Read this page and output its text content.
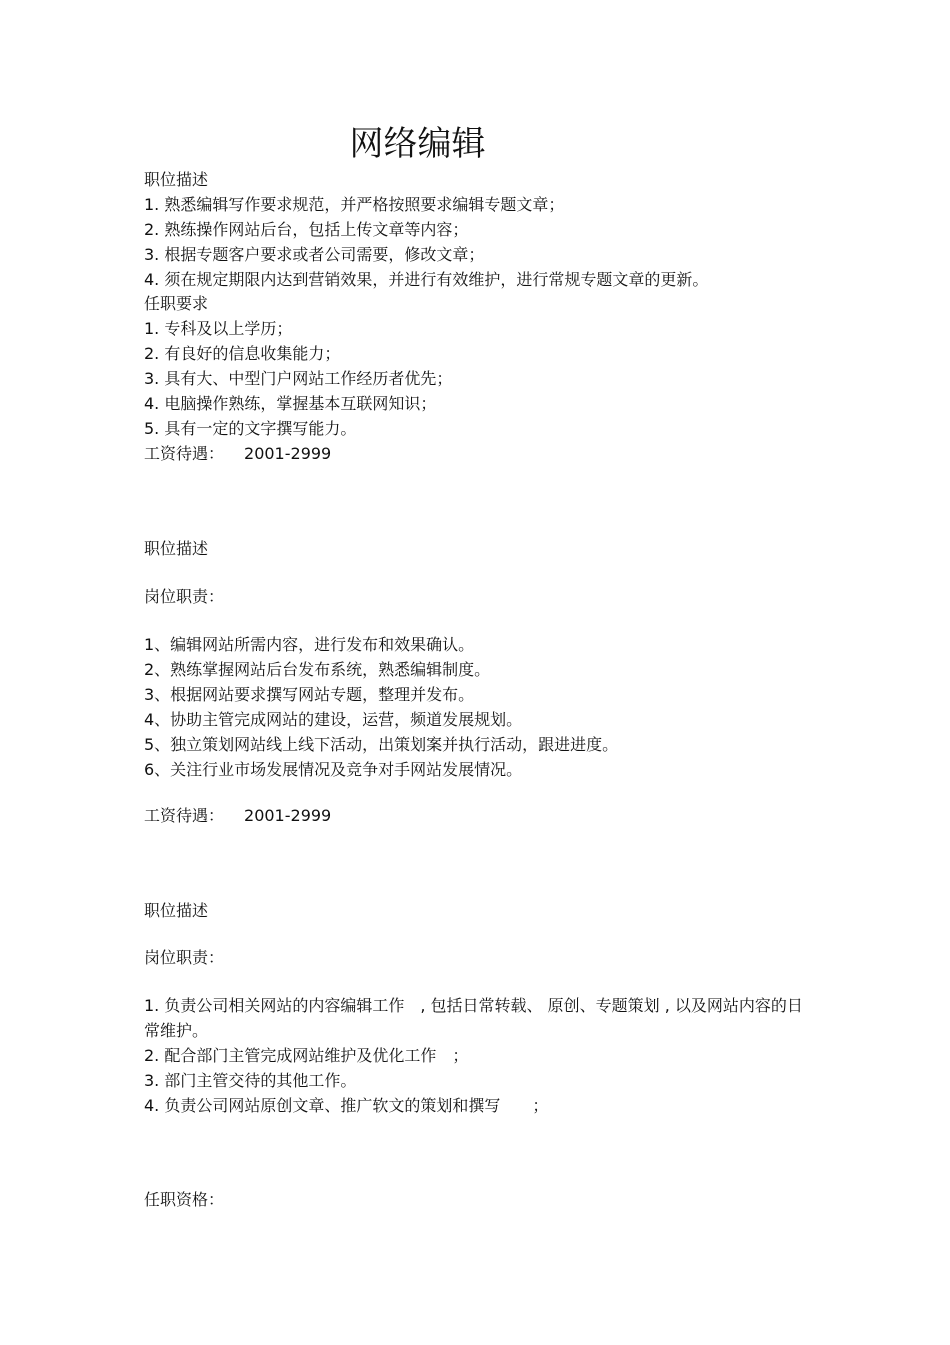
网络编辑

职位描述

1. 熟悉编辑写作要求规范，并严格按照要求编辑专题文章；

2. 熟练操作网站后台，包括上传文章等内容；

3. 根据专题客户要求或者公司需要，修改文章；

4. 须在规定期限内达到营销效果，并进行有效维护，进行常规专题文章的更新。

任职要求

1. 专科及以上学历；

2. 有良好的信息收集能力；

3. 具有大、中型门户网站工作经历者优先；

4. 电脑操作熟练，掌握基本互联网知识；

5. 具有一定的文字撰写能力。

工资待遇： 2001-2999

职位描述

岗位职责：

1、编辑网站所需内容，进行发布和效果确认。

2、熟练掌握网站后台发布系统，熟悉编辑制度。

3、根据网站要求撰写网站专题，整理并发布。

4、协助主管完成网站的建设，运营，频道发展规划。

5、独立策划网站线上线下活动，出策划案并执行活动，跟进进度。

6、关注行业市场发展情况及竞争对手网站发展情况。

工资待遇： 2001-2999

职位描述

岗位职责：

1. 负责公司相关网站的内容编辑工作　, 包括日常转载、 原创、专题策划 , 以及网站内容的日常维护。

2. 配合部门主管完成网站维护及优化工作　；

3. 部门主管交待的其他工作。

4. 负责公司网站原创文章、推广软文的策划和撰写　　；

任职资格：
